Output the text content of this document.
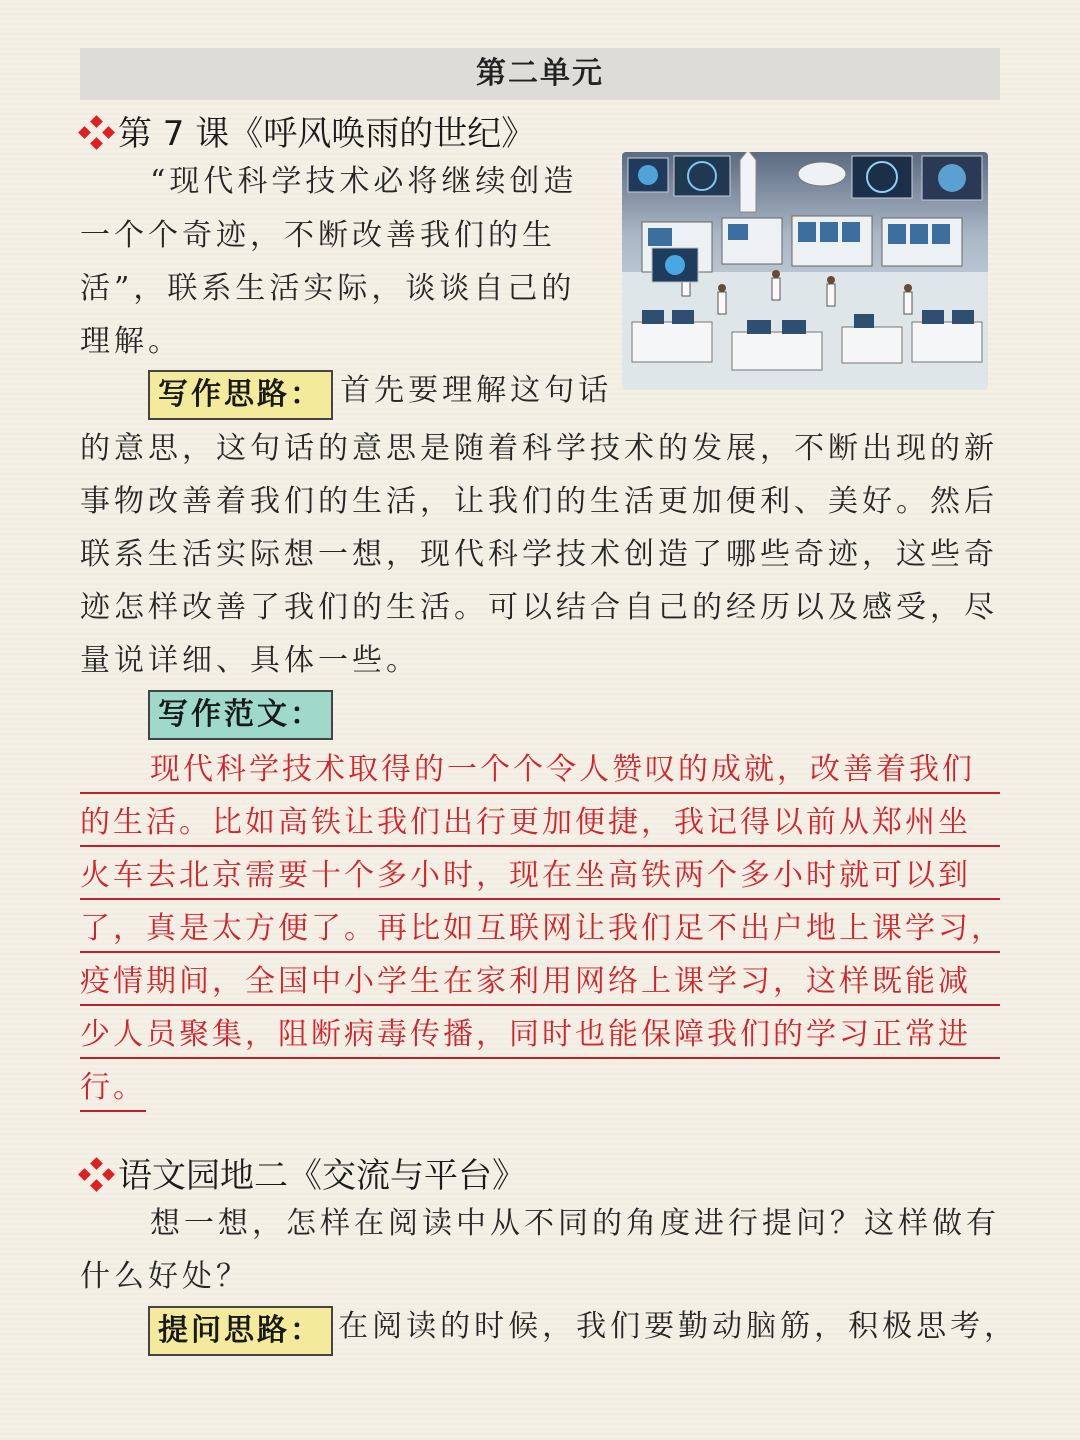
第二单元
第 7 课《呼风唤雨的世纪》
“现代科学技术必将继续创造
一个个奇迹，不断改善我们的生
活”，联系生活实际，谈谈自己的
理解。
写作思路： 首先要理解这句话
的意思，这句话的意思是随着科学技术的发展，不断出现的新
事物改善着我们的生活，让我们的生活更加便利、美好。然后
联系生活实际想一想，现代科学技术创造了哪些奇迹，这些奇
迹怎样改善了我们的生活。可以结合自己的经历以及感受，尽
量说详细、具体一些。
写作范文：
现代科学技术取得的一个个令人赞叹的成就，改善着我们
的生活。比如高铁让我们出行更加便捷，我记得以前从郑州坐
火车去北京需要十个多小时，现在坐高铁两个多小时就可以到
了，真是太方便了。再比如互联网让我们足不出户地上课学习，
疫情期间，全国中小学生在家利用网络上课学习，这样既能减
少人员聚集，阻断病毒传播，同时也能保障我们的学习正常进
行。
语文园地二《交流与平台》
想一想，怎样在阅读中从不同的角度进行提问？这样做有
什么好处？
提问思路： 在阅读的时候，我们要勤动脑筋，积极思考，
